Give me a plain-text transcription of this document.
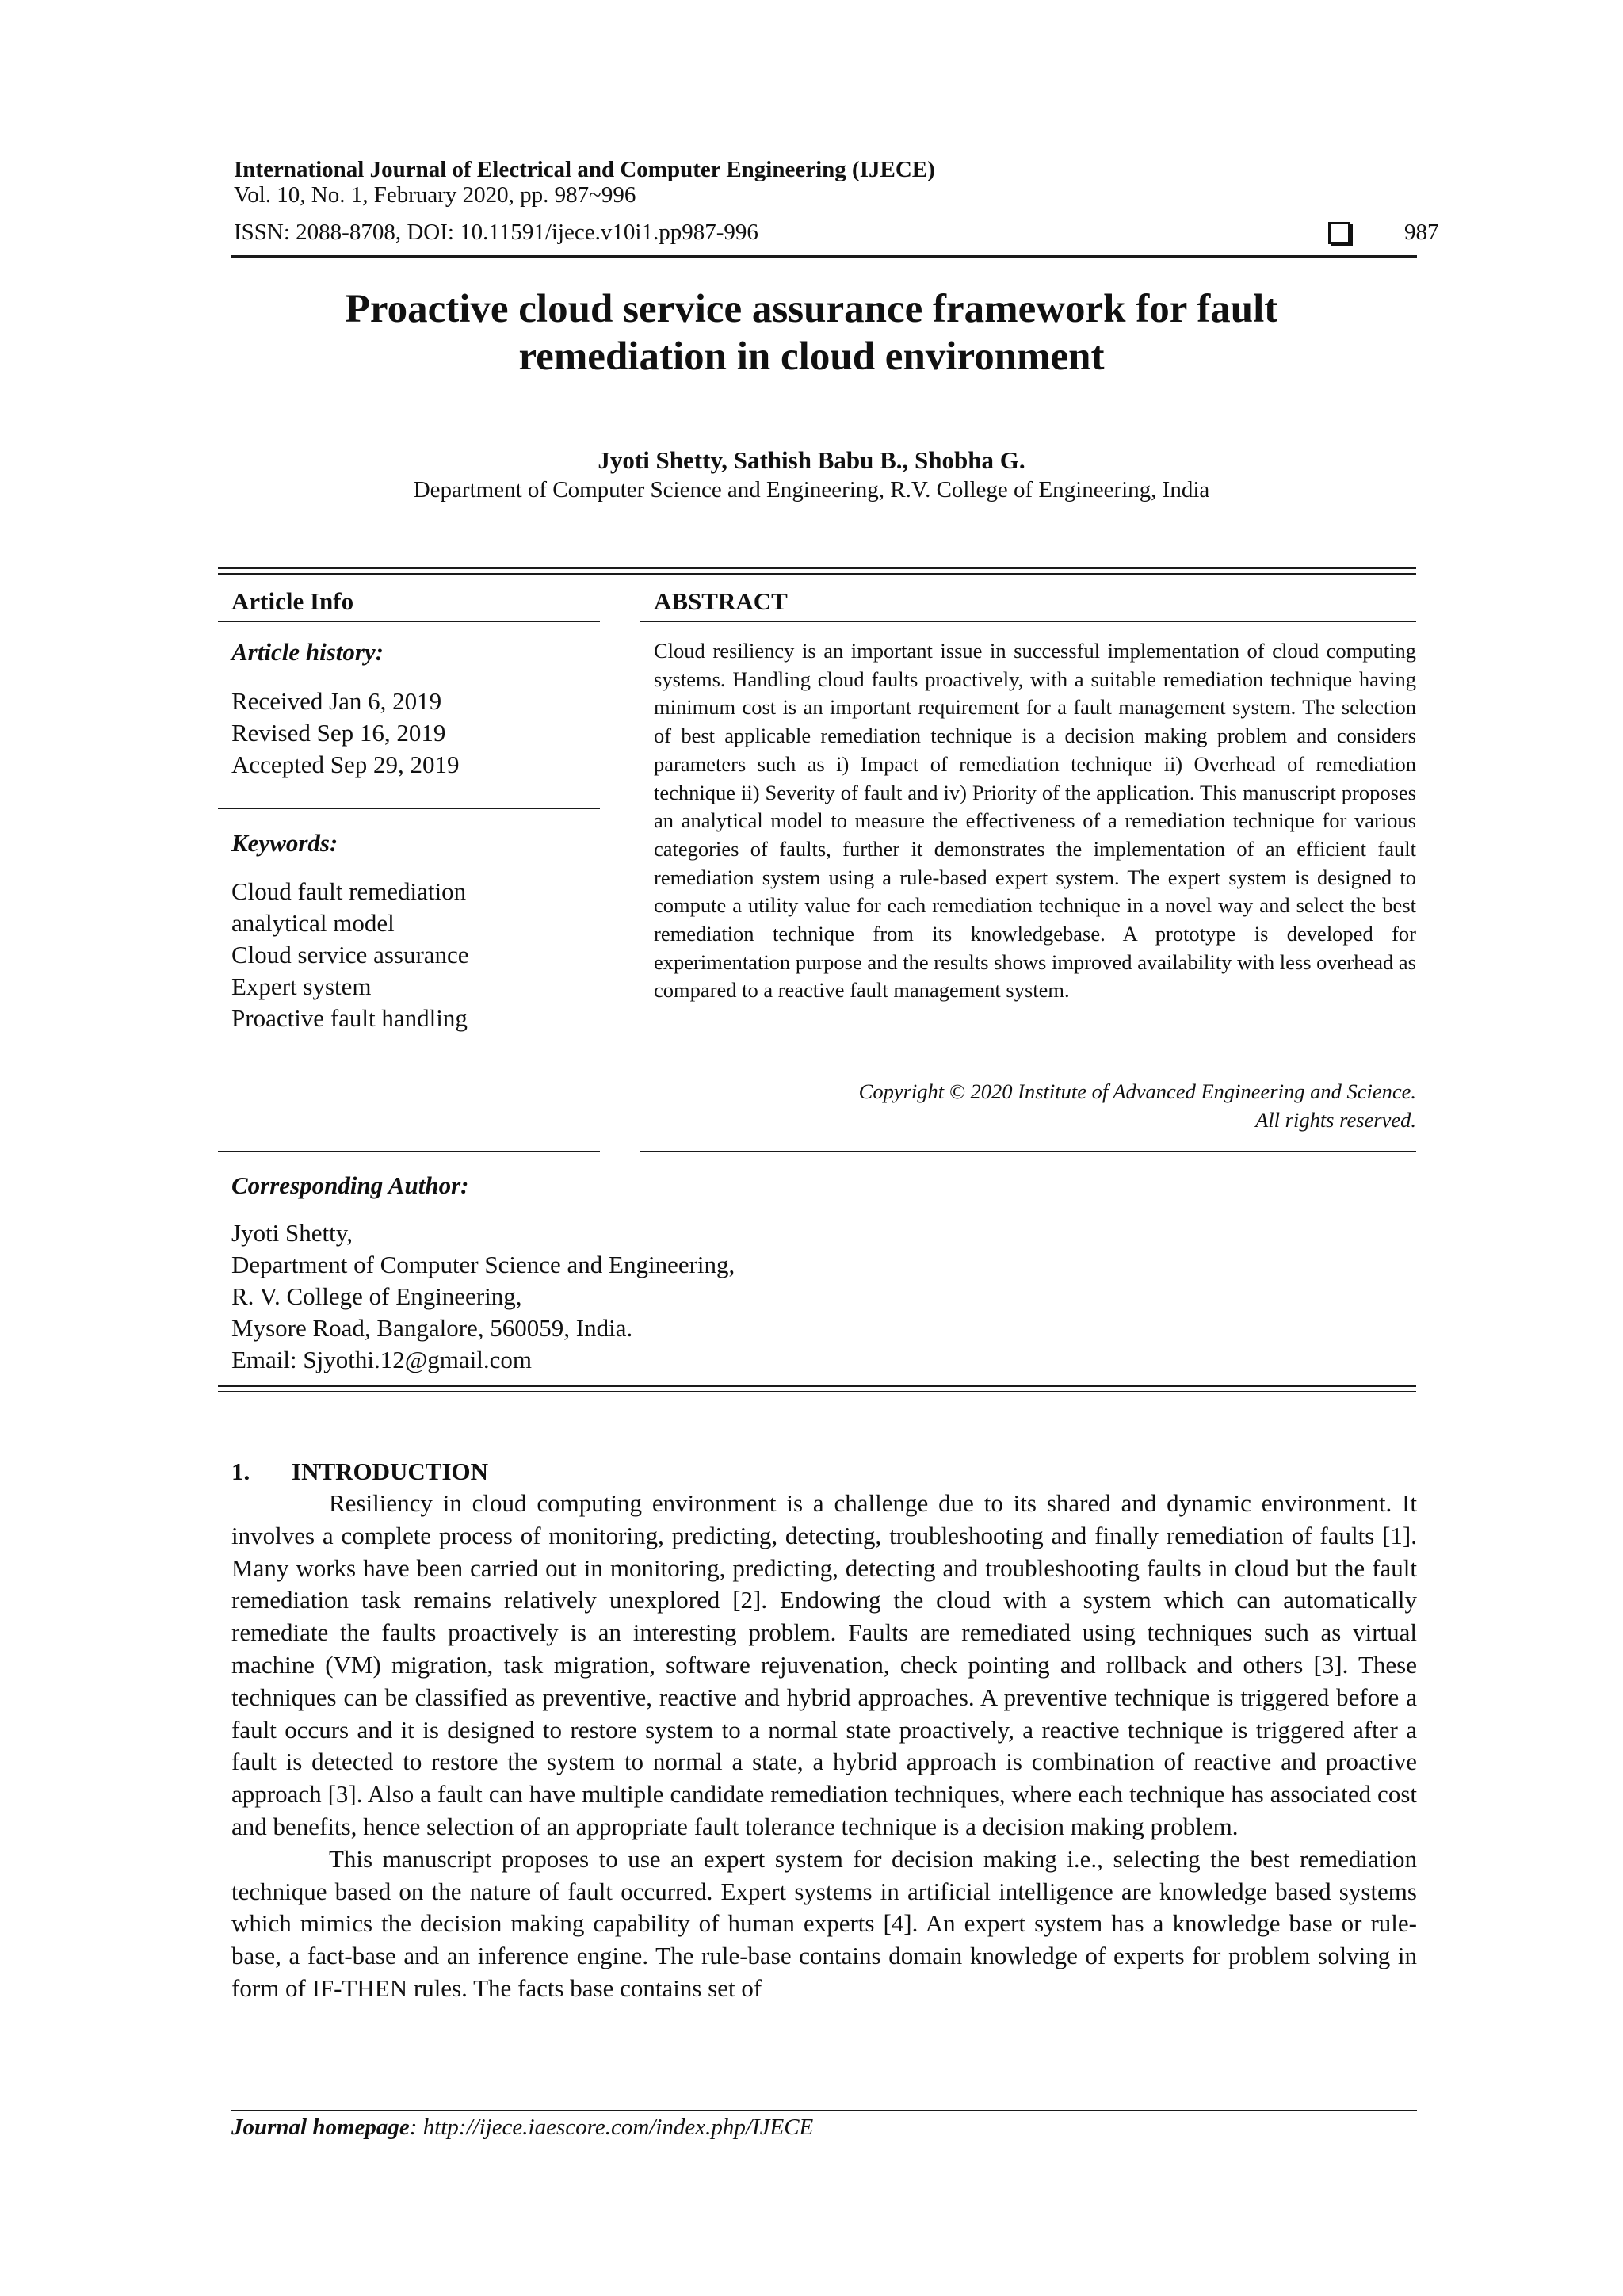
International Journal of Electrical and Computer Engineering (IJECE)
Vol. 10, No. 1, February 2020, pp. 987~996
ISSN: 2088-8708, DOI: 10.11591/ijece.v10i1.pp987-996	987
Proactive cloud service assurance framework for fault
remediation in cloud environment
Jyoti Shetty, Sathish Babu B., Shobha G.
Department of Computer Science and Engineering, R.V. College of Engineering, India
Article Info
Article history:
Received Jan 6, 2019
Revised Sep 16, 2019
Accepted Sep 29, 2019
Keywords:
Cloud fault remediation
analytical model
Cloud service assurance
Expert system
Proactive fault handling
ABSTRACT

Cloud resiliency is an important issue in successful implementation of cloud computing systems. Handling cloud faults proactively, with a suitable remediation technique having minimum cost is an important requirement for a fault management system. The selection of best applicable remediation technique is a decision making problem and considers parameters such as i) Impact of remediation technique ii) Overhead of remediation technique ii) Severity of fault and iv) Priority of the application. This manuscript proposes an analytical model to measure the effectiveness of a remediation technique for various categories of faults, further it demonstrates the implementation of an efficient fault remediation system using a rule-based expert system. The expert system is designed to compute a utility value for each remediation technique in a novel way and select the best remediation technique from its knowledgebase. A prototype is developed for experimentation purpose and the results shows improved availability with less overhead as compared to a reactive fault management system.

Copyright © 2020 Institute of Advanced Engineering and Science.
All rights reserved.
Corresponding Author:
Jyoti Shetty,
Department of Computer Science and Engineering,
R. V. College of Engineering,
Mysore Road, Bangalore, 560059, India.
Email: Sjyothi.12@gmail.com
1. INTRODUCTION

Resiliency in cloud computing environment is a challenge due to its shared and dynamic environment. It involves a complete process of monitoring, predicting, detecting, troubleshooting and finally remediation of faults [1]. Many works have been carried out in monitoring, predicting, detecting and troubleshooting faults in cloud but the fault remediation task remains relatively unexplored [2]. Endowing the cloud with a system which can automatically remediate the faults proactively is an interesting problem. Faults are remediated using techniques such as virtual machine (VM) migration, task migration, software rejuvenation, check pointing and rollback and others [3]. These techniques can be classified as preventive, reactive and hybrid approaches. A preventive technique is triggered before a fault occurs and it is designed to restore system to a normal state proactively, a reactive technique is triggered after a fault is detected to restore the system to normal a state, a hybrid approach is combination of reactive and proactive approach [3]. Also a fault can have multiple candidate remediation techniques, where each technique has associated cost and benefits, hence selection of an appropriate fault tolerance technique is a decision making problem.

This manuscript proposes to use an expert system for decision making i.e., selecting the best remediation technique based on the nature of fault occurred. Expert systems in artificial intelligence are knowledge based systems which mimics the decision making capability of human experts [4]. An expert system has a knowledge base or rule-base, a fact-base and an inference engine. The rule-base contains domain knowledge of experts for problem solving in form of IF-THEN rules. The facts base contains set of

Journal homepage: http://ijece.iaescore.com/index.php/IJECE
